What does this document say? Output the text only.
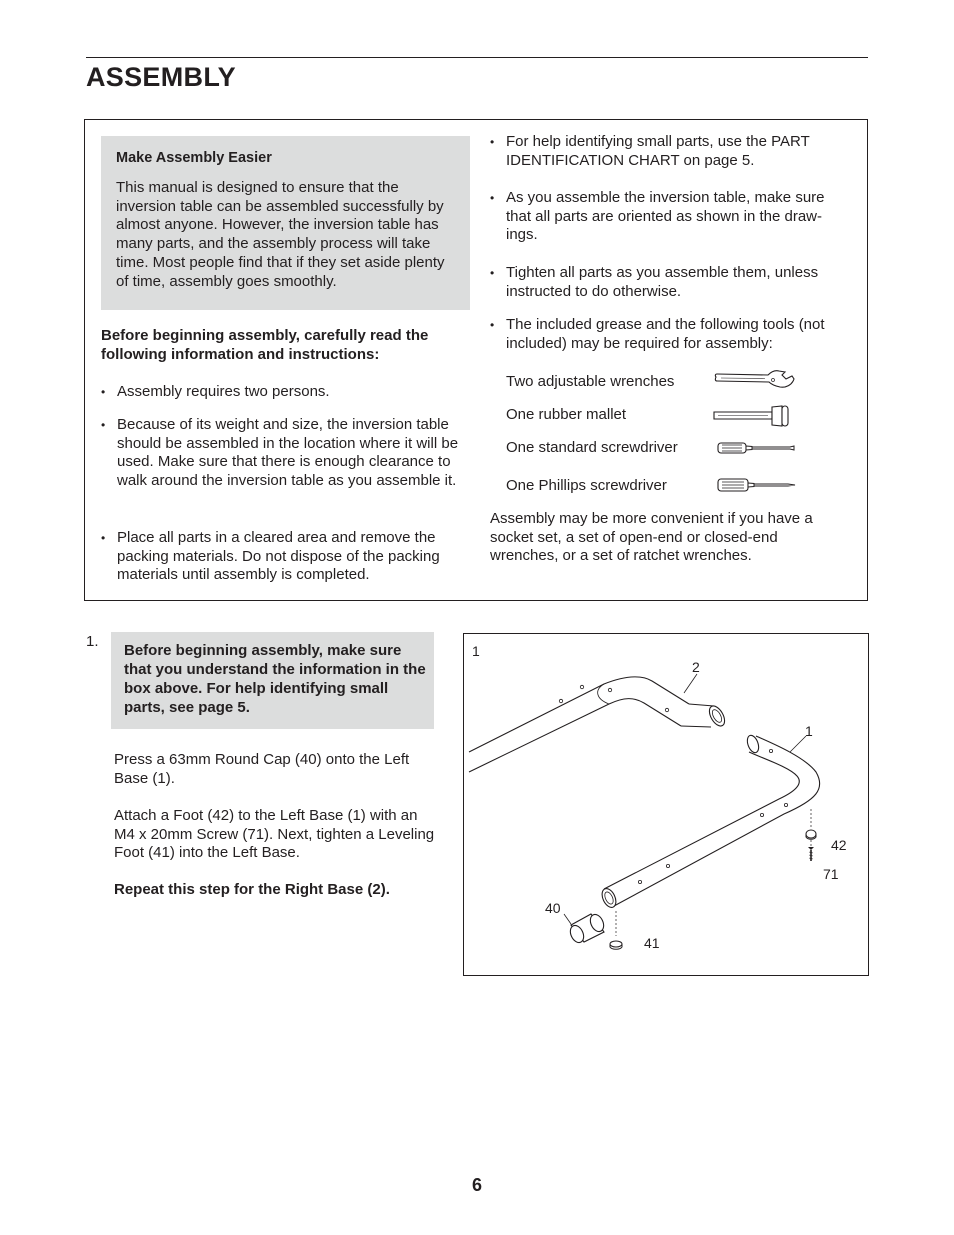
ASSEMBLY
Make Assembly Easier
This manual is designed to ensure that the inversion table can be assembled successfully by almost anyone. However, the inversion table has many parts, and the assembly process will take time. Most people find that if they set aside plenty of time, assembly goes smoothly.
Before beginning assembly, carefully read the following information and instructions:
• Assembly requires two persons.
• Because of its weight and size, the inversion table should be assembled in the location where it will be used. Make sure that there is enough clearance to walk around the inversion table as you assemble it.
• Place all parts in a cleared area and remove the packing materials. Do not dispose of the packing materials until assembly is completed.
• For help identifying small parts, use the PART IDENTIFICATION CHART on page 5.
• As you assemble the inversion table, make sure that all parts are oriented as shown in the draw-ings.
• Tighten all parts as you assemble them, unless instructed to do otherwise.
• The included grease and the following tools (not included) may be required for assembly:
Two adjustable wrenches
One rubber mallet
One standard screwdriver
One Phillips screwdriver
Assembly may be more convenient if you have a socket set, a set of open-end or closed-end wrenches, or a set of ratchet wrenches.
1.
Before beginning assembly, make sure that you understand the information in the box above. For help identifying small parts, see page 5.
Press a 63mm Round Cap (40) onto the Left Base (1).
Attach a Foot (42) to the Left Base (1) with an M4 x 20mm Screw (71). Next, tighten a Leveling Foot (41) into the Left Base.
Repeat this step for the Right Base (2).
1
2
1
42
71
40
41
6
